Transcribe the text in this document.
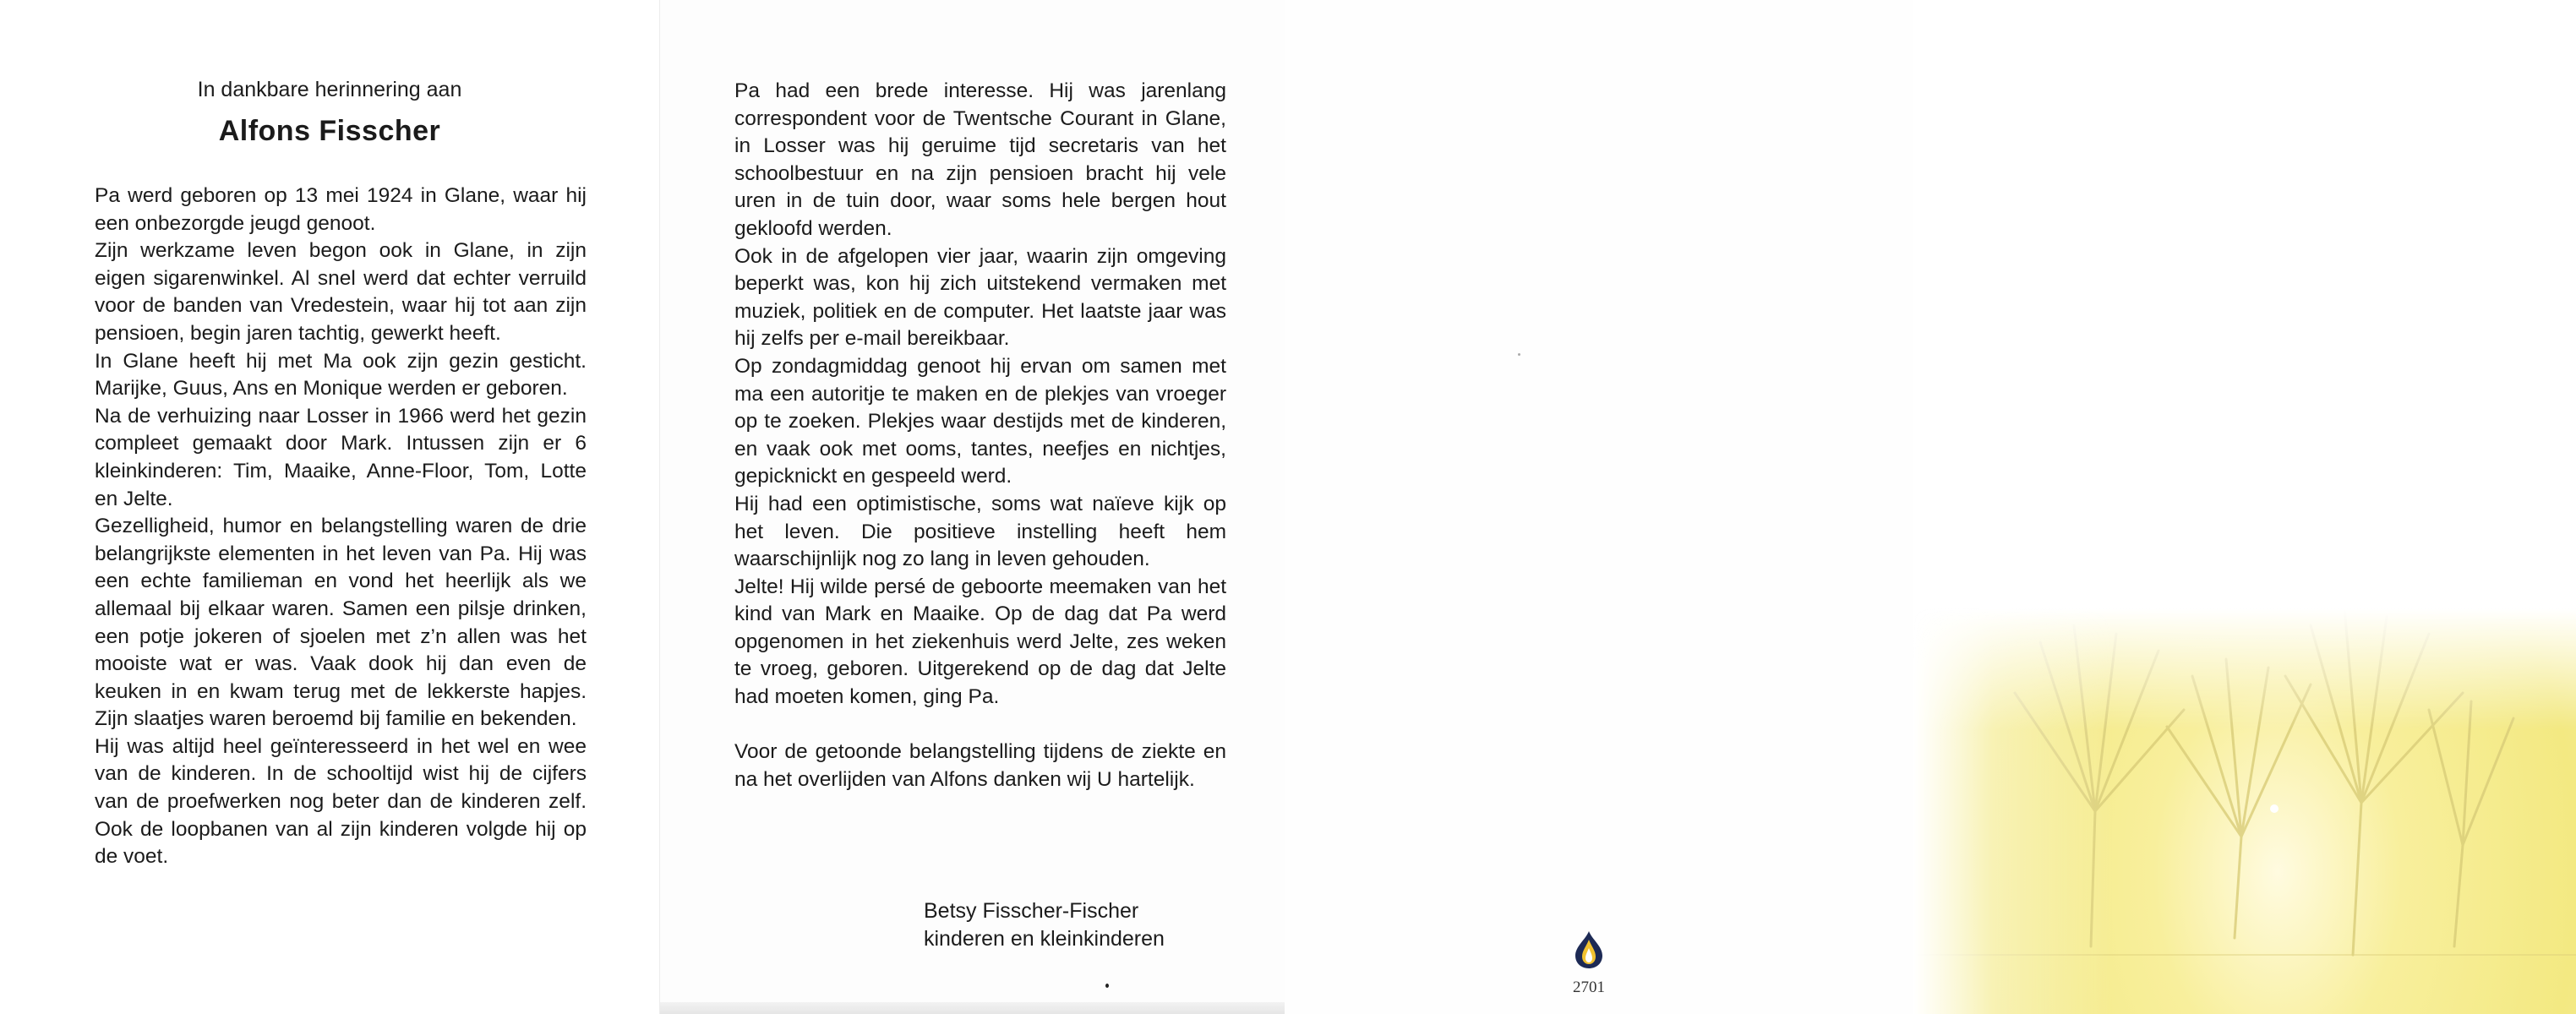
In dankbare herinnering aan
Alfons Fisscher

Pa werd geboren op 13 mei 1924 in Glane, waar hij een onbezorgde jeugd genoot.

Zijn werkzame leven begon ook in Glane, in zijn eigen sigarenwinkel. Al snel werd dat echter verruild voor de banden van Vredestein, waar hij tot aan zijn pensioen, begin jaren tachtig, gewerkt heeft.

In Glane heeft hij met Ma ook zijn gezin gesticht. Marijke, Guus, Ans en Monique werden er geboren.

Na de verhuizing naar Losser in 1966 werd het gezin compleet gemaakt door Mark. Intussen zijn er 6 kleinkinderen: Tim, Maaike, Anne-Floor, Tom, Lotte en Jelte.

Gezelligheid, humor en belangstelling waren de drie belangrijkste elementen in het leven van Pa. Hij was een echte familieman en vond het heerlijk als we allemaal bij elkaar waren. Samen een pilsje drinken, een potje jokeren of sjoelen met z’n allen was het mooiste wat er was. Vaak dook hij dan even de keuken in en kwam terug met de lekkerste hapjes. Zijn slaatjes waren beroemd bij familie en bekenden.

Hij was altijd heel geïnteresseerd in het wel en wee van de kinderen. In de schooltijd wist hij de cijfers van de proefwerken nog beter dan de kinderen zelf. Ook de loopbanen van al zijn kinderen volgde hij op de voet.

Pa had een brede interesse. Hij was jarenlang correspondent voor de Twentsche Courant in Glane, in Losser was hij geruime tijd secretaris van het schoolbestuur en na zijn pensioen bracht hij vele uren in de tuin door, waar soms hele bergen hout gekloofd werden.

Ook in de afgelopen vier jaar, waarin zijn omgeving beperkt was, kon hij zich uitstekend vermaken met muziek, politiek en de computer. Het laatste jaar was hij zelfs per e-mail bereikbaar.

Op zondagmiddag genoot hij ervan om samen met ma een autoritje te maken en de plekjes van vroeger op te zoeken. Plekjes waar destijds met de kinderen, en vaak ook met ooms, tantes, neefjes en nichtjes, gepicknickt en gespeeld werd.

Hij had een optimistische, soms wat naïeve kijk op het leven. Die positieve instelling heeft hem waarschijnlijk nog zo lang in leven gehouden.

Jelte! Hij wilde persé de geboorte meemaken van het kind van Mark en Maaike. Op de dag dat Pa werd opgenomen in het ziekenhuis werd Jelte, zes weken te vroeg, geboren. Uitgerekend op de dag dat Jelte had moeten komen, ging Pa.

Voor de getoonde belangstelling tijdens de ziekte en na het overlijden van Alfons danken wij U hartelijk.

Betsy Fisscher-Fischer
kinderen en kleinkinderen
2701
